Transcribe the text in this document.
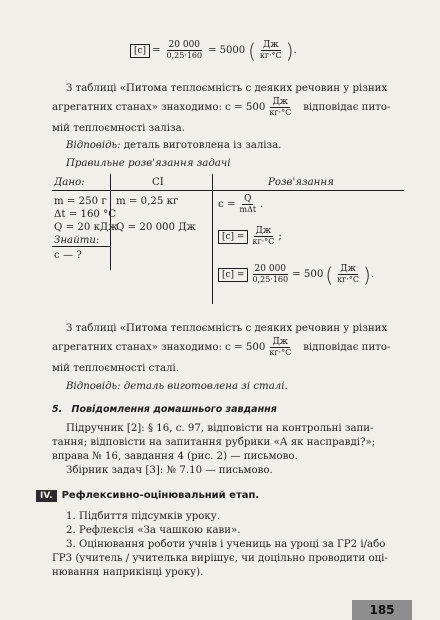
$[c] = \frac{20 000}{0,25\cdot 160} = 5000$ ( $\frac{Дж}{кг\cdot^\circ С}$ ) .
З таблиці «Питома теплоємність c деяких речовин у різних
агрегатних станах» знаходимо: $c = 500 \frac{Дж}{кг\cdot^\circ С}$ відповідає пито-
мій теплоємності заліза.
Відповідь: деталь виготовлена із заліза.
Правильне розв'язання задачі
Дано:	СІ	Розв'язання
m = 250 г
Δt = 160 °С
Q = 20 кДж
Знайти:
c — ?
m = 0,25 кг
Q = 20 000 Дж
$c = \frac{Q}{\text{mΔt}}$ .
$[c] = \frac{Дж}{кг\cdot^\circ С}$ ;
$[c] = \frac{20 000}{0,25\cdot 160} = 500$ ( $\frac{Дж}{кг\cdot^\circ С}$ ) .
З таблиці «Питома теплоємність c деяких речовин у різних
агрегатних станах» знаходимо: $c = 500 \frac{Дж}{кг\cdot^\circ С}$ відповідає пито-
мій теплоємності сталі.
Відповідь: деталь виготовлена зі сталі.
5. Повідомлення домашнього завдання
Підручник [2]: § 16, с. 97, відповісти на контрольні запи-
тання; відповісти на запитання рубрики «А як насправді?»;
вправа № 16, завдання 4 (рис. 2) — письмово.
Збірник задач [3]: № 7.10 — письмово.
IV. Рефлексивно-оцінювальний етап.
1. Підбиття підсумків уроку.
2. Рефлексія «За чашкою кави».
3. Оцінювання роботи учнів і учениць на уроці за ГР2 і/або
ГР3 (учитель / учителька вирішує, чи доцільно проводити оці-
нювання наприкінці уроку).
185
